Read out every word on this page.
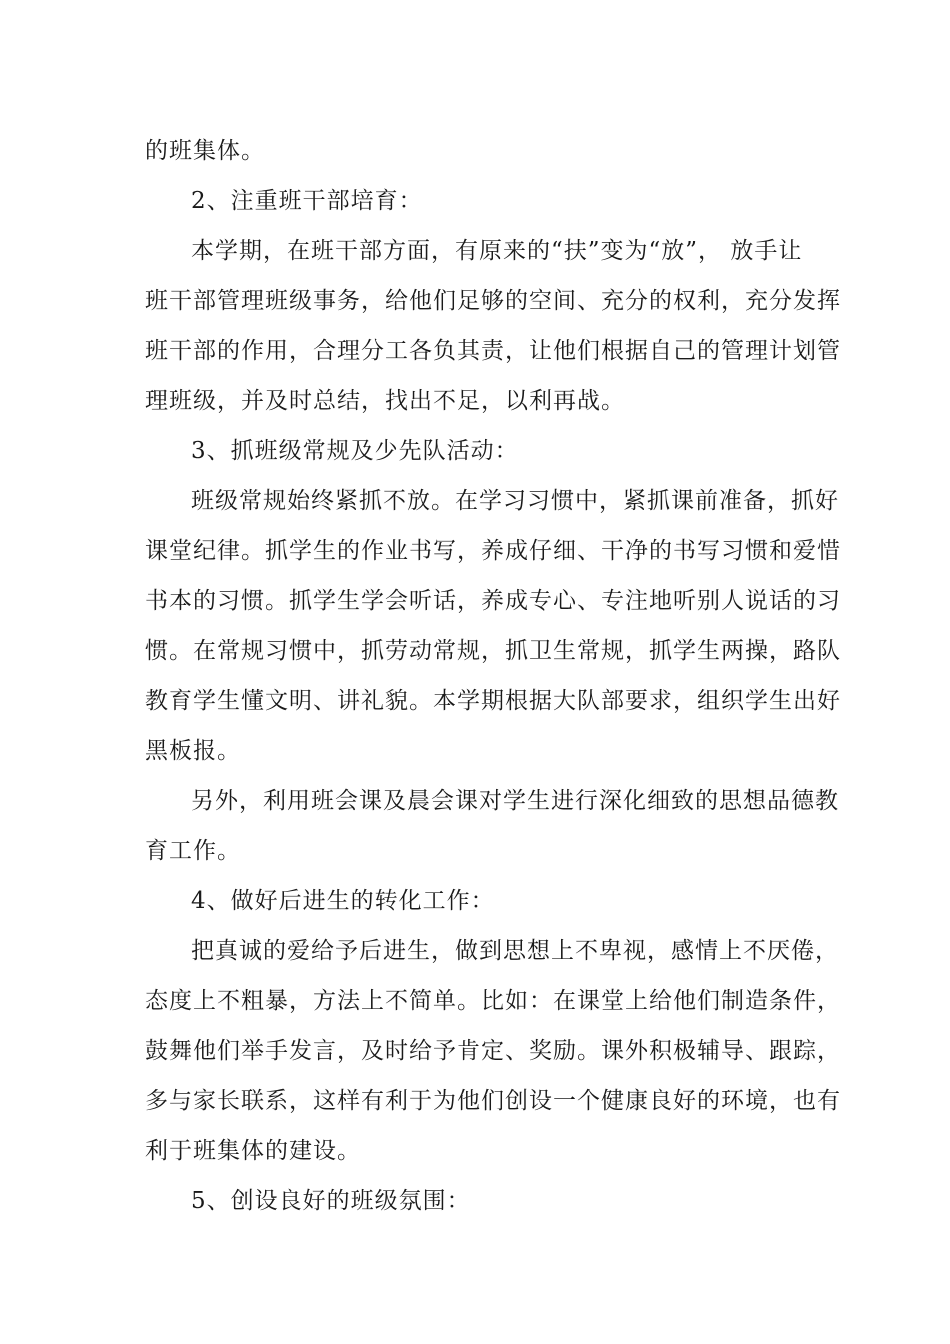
的班集体。
2、注重班干部培育：
本学期，在班干部方面，有原来的“扶”变为“放”， 放手让
班干部管理班级事务，给他们足够的空间、充分的权利，充分发挥
班干部的作用，合理分工各负其责，让他们根据自己的管理计划管
理班级，并及时总结，找出不足，以利再战。
3、抓班级常规及少先队活动：
班级常规始终紧抓不放。在学习习惯中，紧抓课前准备，抓好
课堂纪律。抓学生的作业书写，养成仔细、干净的书写习惯和爱惜
书本的习惯。抓学生学会听话，养成专心、专注地听别人说话的习
惯。在常规习惯中，抓劳动常规，抓卫生常规，抓学生两操，路队
教育学生懂文明、讲礼貌。本学期根据大队部要求，组织学生出好
黑板报。
另外，利用班会课及晨会课对学生进行深化细致的思想品德教
育工作。
4、做好后进生的转化工作：
把真诚的爱给予后进生，做到思想上不卑视，感情上不厌倦，
态度上不粗暴，方法上不简单。比如：在课堂上给他们制造条件，
鼓舞他们举手发言，及时给予肯定、奖励。课外积极辅导、跟踪，
多与家长联系，这样有利于为他们创设一个健康良好的环境，也有
利于班集体的建设。
5、创设良好的班级氛围：
